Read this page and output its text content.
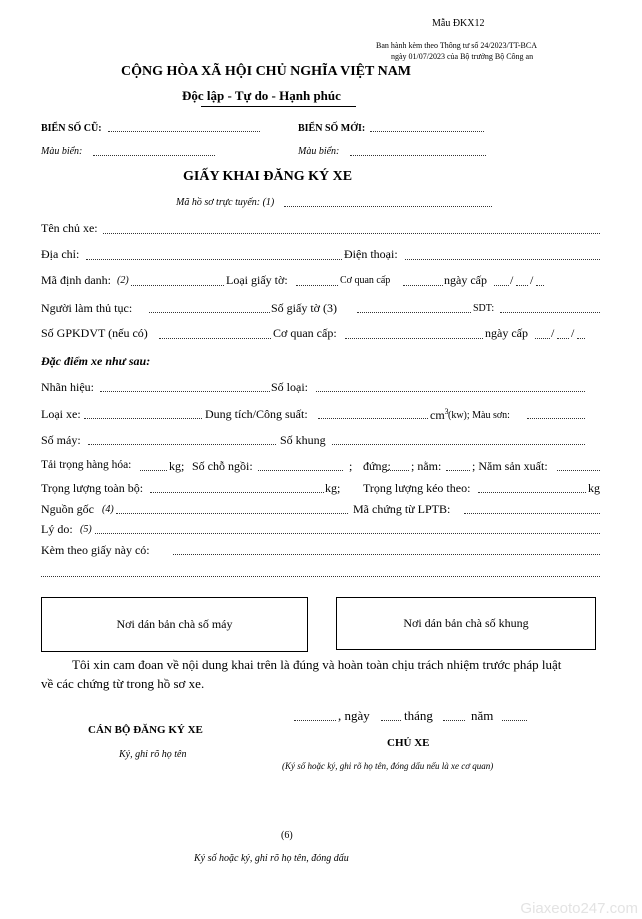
Mẫu ĐKX12
Ban hành kèm theo Thông tư số 24/2023/TT-BCA
ngày 01/07/2023 của Bộ trưởng Bộ Công an
CỘNG HÒA XÃ HỘI CHỦ NGHĨA VIỆT NAM
Độc lập - Tự do - Hạnh phúc
BIỂN SỐ CŨ:	BIỂN SỐ MỚI:
Màu biển:	Màu biển:
GIẤY KHAI ĐĂNG KÝ XE
Mã hồ sơ trực tuyến: (1)
Tên chủ xe:
Địa chỉ:	Điện thoại:
Mã định danh: (2)	Loại giấy tờ:	Cơ quan cấp	ngày cấp / /
Người làm thủ tục:	Số giấy tờ (3)	SDT:
Số GPKDVT (nếu có)	Cơ quan cấp:	ngày cấp / /
Đặc điểm xe như sau:
Nhãn hiệu:	Số loại:
Loại xe:	Dung tích/Công suất:	$cm^3$ (kw); Màu sơn:
Số máy:	Số khung
Tải trọng hàng hóa:	kg; Số chỗ ngồi:	; đứng: ; nằm:	; Năm sản xuất:
Trọng lượng toàn bộ:	kg; Trọng lượng kéo theo:	kg
Nguồn gốc (4)	Mã chứng từ LPTB:
Lý do: (5)
Kèm theo giấy này có:
Nơi dán bản chà số máy	Nơi dán bản chà số khung
Tôi xin cam đoan về nội dung khai trên là đúng và hoàn toàn chịu trách nhiệm trước pháp luật
về các chứng từ trong hồ sơ xe.
, ngày	tháng	năm
CÁN BỘ ĐĂNG KÝ XE
Ký, ghi rõ họ tên
CHỦ XE
(Ký số hoặc ký, ghi rõ họ tên, đóng dấu nếu là xe cơ quan)
(6)
Ký số hoặc ký, ghi rõ họ tên, đóng dấu
Giaxeoto247.com
